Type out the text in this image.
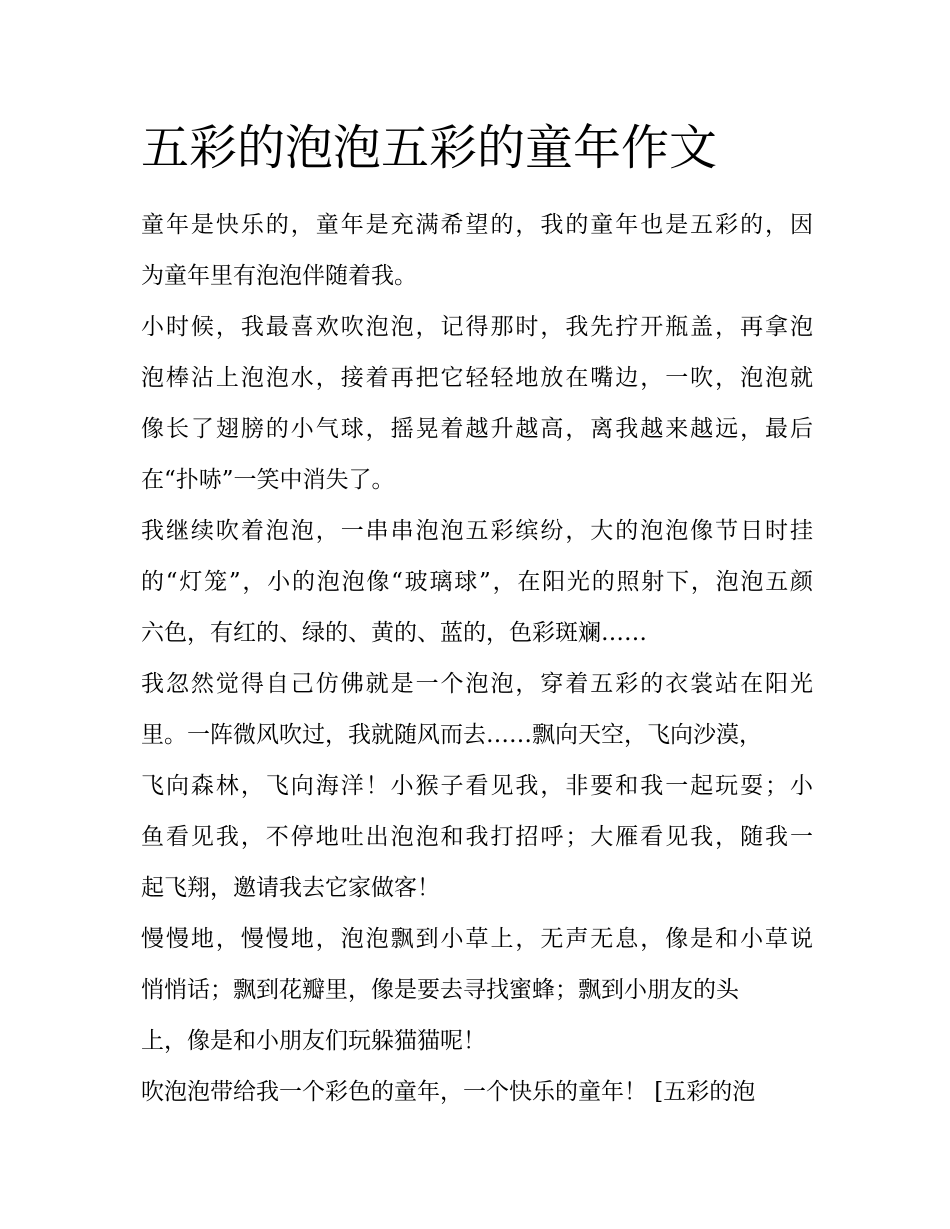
五彩的泡泡五彩的童年作文

童年是快乐的，童年是充满希望的，我的童年也是五彩的，因
为童年里有泡泡伴随着我。

小时候，我最喜欢吹泡泡，记得那时，我先拧开瓶盖，再拿泡
泡棒沾上泡泡水，接着再把它轻轻地放在嘴边，一吹，泡泡就
像长了翅膀的小气球，摇晃着越升越高，离我越来越远，最后
在“扑哧”一笑中消失了。

我继续吹着泡泡，一串串泡泡五彩缤纷，大的泡泡像节日时挂
的“灯笼”，小的泡泡像“玻璃球”，在阳光的照射下，泡泡五颜
六色，有红的、绿的、黄的、蓝的，色彩斑斓……

我忽然觉得自己仿佛就是一个泡泡，穿着五彩的衣裳站在阳光
里。一阵微风吹过，我就随风而去……飘向天空，飞向沙漠，
飞向森林，飞向海洋！小猴子看见我，非要和我一起玩耍；小
鱼看见我，不停地吐出泡泡和我打招呼；大雁看见我，随我一
起飞翔，邀请我去它家做客！

慢慢地，慢慢地，泡泡飘到小草上，无声无息，像是和小草说
悄悄话；飘到花瓣里，像是要去寻找蜜蜂；飘到小朋友的头
上，像是和小朋友们玩躲猫猫呢！

吹泡泡带给我一个彩色的童年，一个快乐的童年！ [五彩的泡
